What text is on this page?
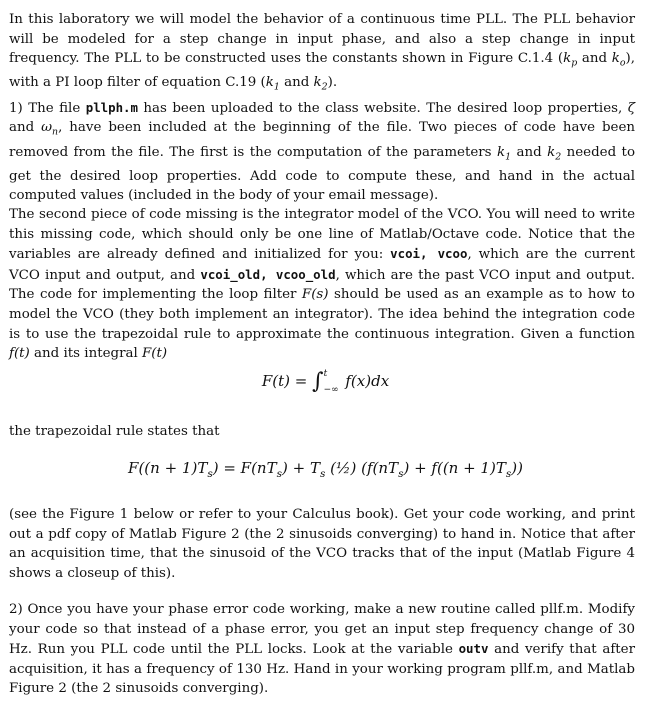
In this laboratory we will model the behavior of a continuous time PLL. The PLL behavior will be modeled for a step change in input phase, and also a step change in input frequency. The PLL to be constructed uses the constants shown in Figure C.1.4 ($k_p$ and $k_o$), with a PI loop filter of equation C.19 ($k_1$ and $k_2$).
1) The file pllph.m has been uploaded to the class website. The desired loop properties, ζ and $\omega_n$, have been included at the beginning of the file. Two pieces of code have been removed from the file. The first is the computation of the parameters $k_1$ and $k_2$ needed to get the desired loop properties. Add code to compute these, and hand in the actual computed values (included in the body of your email message).

The second piece of code missing is the integrator model of the VCO. You will need to write this missing code, which should only be one line of Matlab/Octave code. Notice that the variables are already defined and initialized for you: vcoi, vcoo, which are the current VCO input and output, and vcoi_old, vcoo_old, which are the past VCO input and output. The code for implementing the loop filter F(s) should be used as an example as to how to model the VCO (they both implement an integrator). The idea behind the integration code is to use the trapezoidal rule to approximate the continuous integration. Given a function f(t) and its integral F(t)

F(t) = ∫ t
−∞ f(x)dx

the trapezoidal rule states that

$F((n + 1)T_s) = F(nT_s) + T_s$ (½) $(f(nT_s) + f((n + 1)T_s))$

(see the Figure 1 below or refer to your Calculus book). Get your code working, and print out a pdf copy of Matlab Figure 2 (the 2 sinusoids converging) to hand in. Notice that after an acquisition time, that the sinusoid of the VCO tracks that of the input (Matlab Figure 4 shows a closeup of this).

2) Once you have your phase error code working, make a new routine called pllf.m. Modify your code so that instead of a phase error, you get an input step frequency change of 30 Hz. Run you PLL code until the PLL locks. Look at the variable outv and verify that after acquisition, it has a frequency of 130 Hz. Hand in your working program pllf.m, and Matlab Figure 2 (the 2 sinusoids converging).
